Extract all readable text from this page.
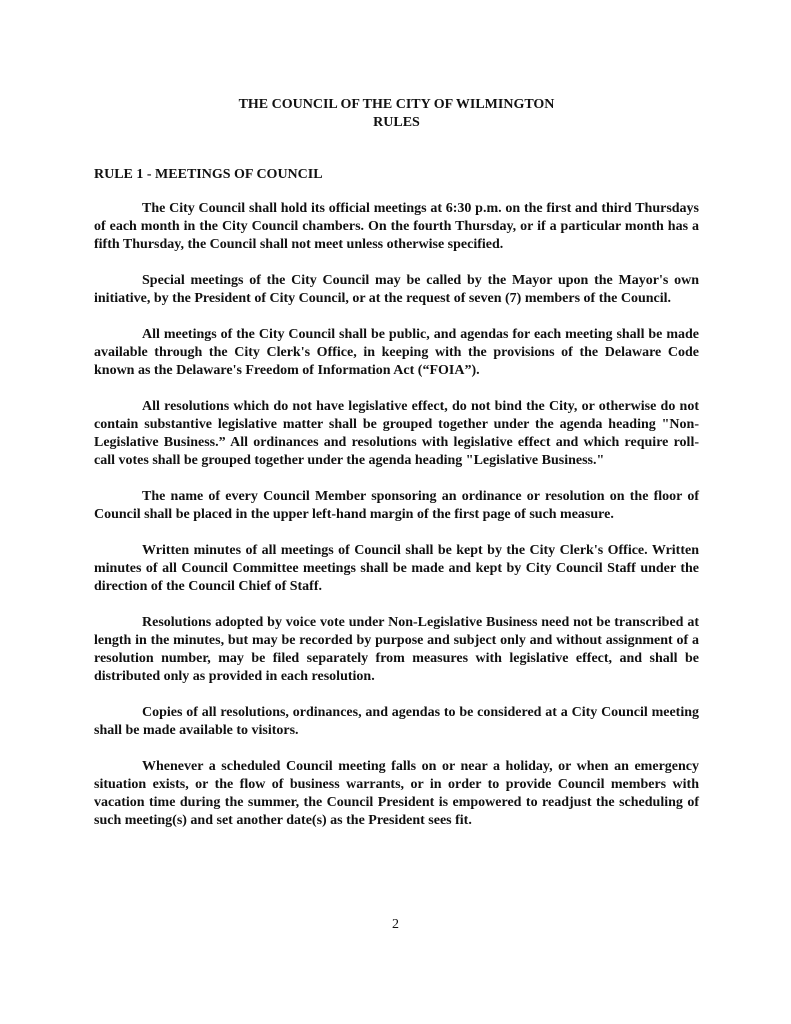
THE COUNCIL OF THE CITY OF WILMINGTON

RULES

RULE 1 - MEETINGS OF COUNCIL

The City Council shall hold its official meetings at 6:30 p.m. on the first and third Thursdays of each month in the City Council chambers. On the fourth Thursday, or if a particular month has a fifth Thursday, the Council shall not meet unless otherwise specified.

Special meetings of the City Council may be called by the Mayor upon the Mayor's own initiative, by the President of City Council, or at the request of seven (7) members of the Council.

All meetings of the City Council shall be public, and agendas for each meeting shall be made available through the City Clerk's Office, in keeping with the provisions of the Delaware Code known as the Delaware's Freedom of Information Act (“FOIA”).

All resolutions which do not have legislative effect, do not bind the City, or otherwise do not contain substantive legislative matter shall be grouped together under the agenda heading "Non-Legislative Business.” All ordinances and resolutions with legislative effect and which require roll-call votes shall be grouped together under the agenda heading "Legislative Business."

The name of every Council Member sponsoring an ordinance or resolution on the floor of Council shall be placed in the upper left-hand margin of the first page of such measure.

Written minutes of all meetings of Council shall be kept by the City Clerk's Office. Written minutes of all Council Committee meetings shall be made and kept by City Council Staff under the direction of the Council Chief of Staff.

Resolutions adopted by voice vote under Non-Legislative Business need not be transcribed at length in the minutes, but may be recorded by purpose and subject only and without assignment of a resolution number, may be filed separately from measures with legislative effect, and shall be distributed only as provided in each resolution.

Copies of all resolutions, ordinances, and agendas to be considered at a City Council meeting shall be made available to visitors.

Whenever a scheduled Council meeting falls on or near a holiday, or when an emergency situation exists, or the flow of business warrants, or in order to provide Council members with vacation time during the summer, the Council President is empowered to readjust the scheduling of such meeting(s) and set another date(s) as the President sees fit.

2
